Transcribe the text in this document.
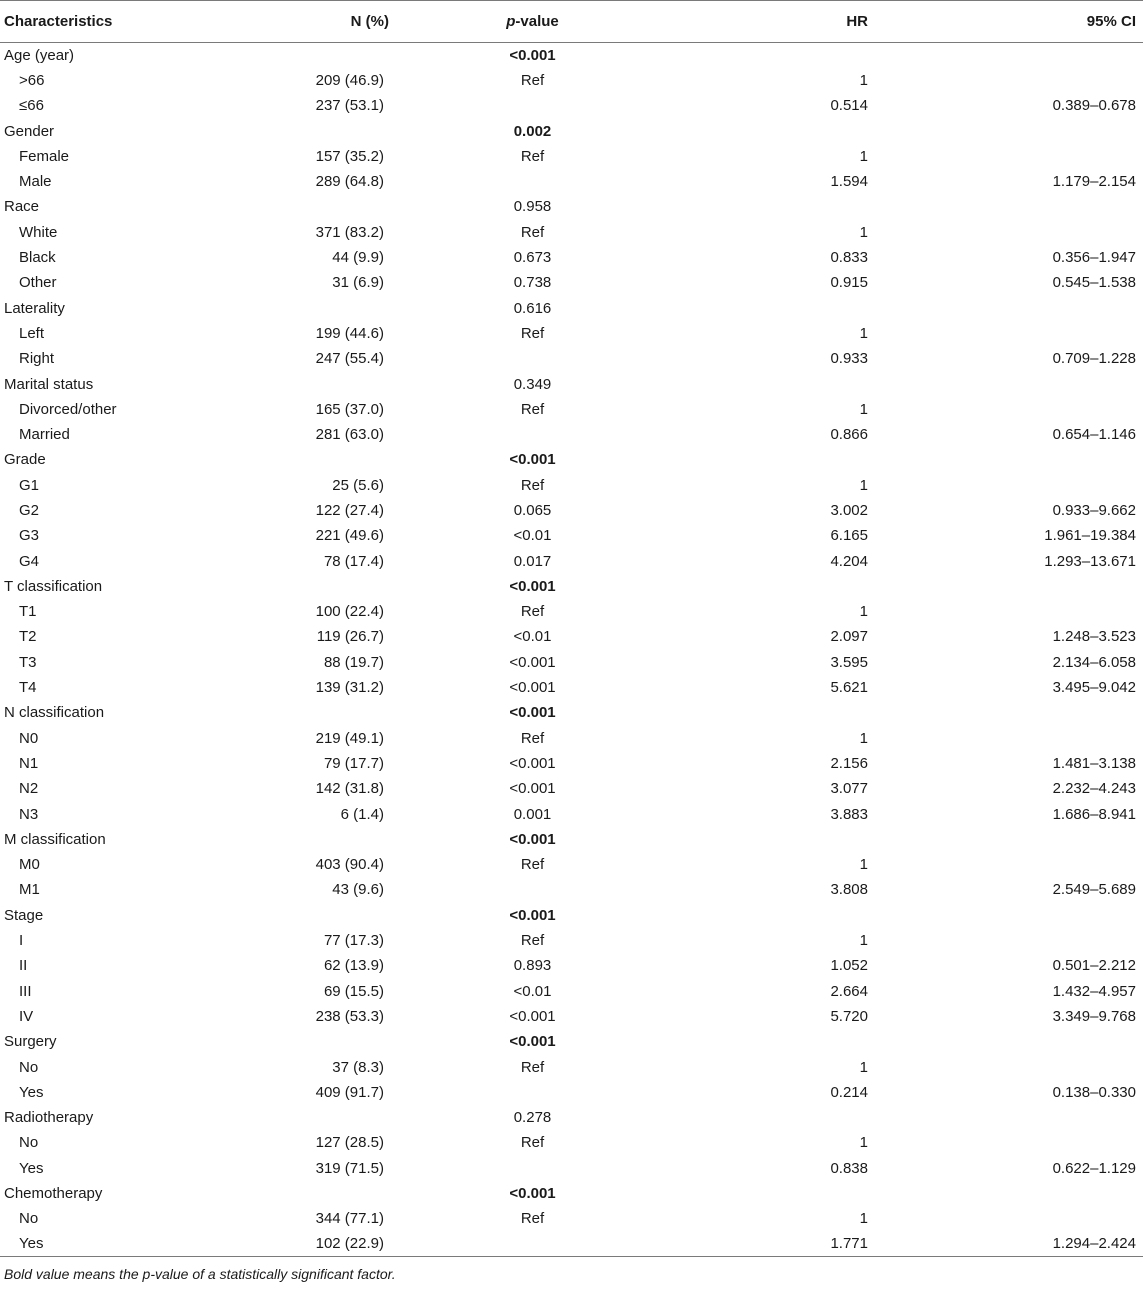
Characteristics	N (%)	p-value	HR	95% CI
Age (year)		<0.001		
>66	209 (46.9)	Ref	1	
≤66	237 (53.1)		0.514	0.389–0.678
Gender		0.002		
Female	157 (35.2)	Ref	1	
Male	289 (64.8)		1.594	1.179–2.154
Race		0.958		
White	371 (83.2)	Ref	1	
Black	44 (9.9)	0.673	0.833	0.356–1.947
Other	31 (6.9)	0.738	0.915	0.545–1.538
Laterality		0.616		
Left	199 (44.6)	Ref	1	
Right	247 (55.4)		0.933	0.709–1.228
Marital status		0.349		
Divorced/other	165 (37.0)	Ref	1	
Married	281 (63.0)		0.866	0.654–1.146
Grade		<0.001		
G1	25 (5.6)	Ref	1	
G2	122 (27.4)	0.065	3.002	0.933–9.662
G3	221 (49.6)	<0.01	6.165	1.961–19.384
G4	78 (17.4)	0.017	4.204	1.293–13.671
T classification		<0.001		
T1	100 (22.4)	Ref	1	
T2	119 (26.7)	<0.01	2.097	1.248–3.523
T3	88 (19.7)	<0.001	3.595	2.134–6.058
T4	139 (31.2)	<0.001	5.621	3.495–9.042
N classification		<0.001		
N0	219 (49.1)	Ref	1	
N1	79 (17.7)	<0.001	2.156	1.481–3.138
N2	142 (31.8)	<0.001	3.077	2.232–4.243
N3	6 (1.4)	0.001	3.883	1.686–8.941
M classification		<0.001		
M0	403 (90.4)	Ref	1	
M1	43 (9.6)		3.808	2.549–5.689
Stage		<0.001		
I	77 (17.3)	Ref	1	
II	62 (13.9)	0.893	1.052	0.501–2.212
III	69 (15.5)	<0.01	2.664	1.432–4.957
IV	238 (53.3)	<0.001	5.720	3.349–9.768
Surgery		<0.001		
No	37 (8.3)	Ref	1	
Yes	409 (91.7)		0.214	0.138–0.330
Radiotherapy		0.278		
No	127 (28.5)	Ref	1	
Yes	319 (71.5)		0.838	0.622–1.129
Chemotherapy		<0.001		
No	344 (77.1)	Ref	1	
Yes	102 (22.9)		1.771	1.294–2.424
Bold value means the p-value of a statistically significant factor.
